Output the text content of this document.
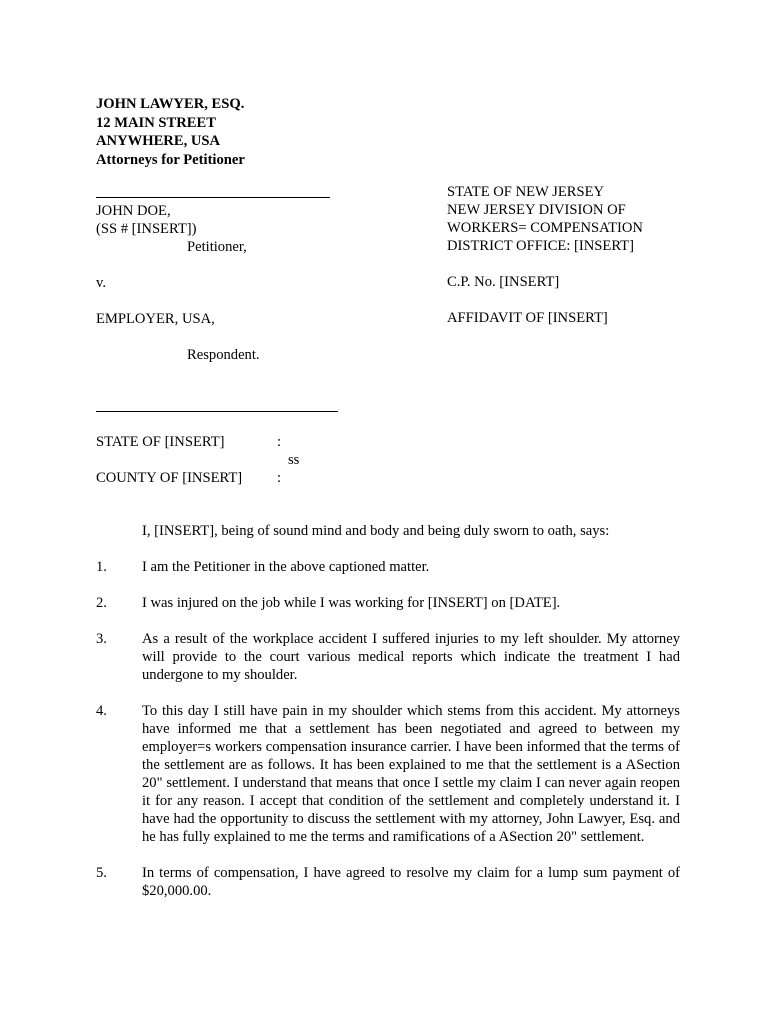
JOHN LAWYER, ESQ.
12 MAIN STREET
ANYWHERE, USA
Attorneys for Petitioner
JOHN DOE,
(SS # [INSERT])
Petitioner,
v.
EMPLOYER, USA,
Respondent.
STATE OF NEW JERSEY
NEW JERSEY DIVISION OF
WORKERS= COMPENSATION
DISTRICT OFFICE: [INSERT]
C.P. No. [INSERT]
AFFIDAVIT OF [INSERT]
STATE OF [INSERT]	:
ss
COUNTY OF [INSERT] :
I, [INSERT], being of sound mind and body and being duly sworn to oath, says:
1. I am the Petitioner in the above captioned matter.
2. I was injured on the job while I was working for [INSERT] on [DATE].
3. As a result of the workplace accident I suffered injuries to my left shoulder. My attorney will provide to the court various medical reports which indicate the treatment I had undergone to my shoulder.
4. To this day I still have pain in my shoulder which stems from this accident. My attorneys have informed me that a settlement has been negotiated and agreed to between my employer=s workers compensation insurance carrier. I have been informed that the terms of the settlement are as follows. It has been explained to me that the settlement is a ASection 20" settlement. I understand that means that once I settle my claim I can never again reopen it for any reason. I accept that condition of the settlement and completely understand it. I have had the opportunity to discuss the settlement with my attorney, John Lawyer, Esq. and he has fully explained to me the terms and ramifications of a ASection 20" settlement.
5. In terms of compensation, I have agreed to resolve my claim for a lump sum payment of $20,000.00.
